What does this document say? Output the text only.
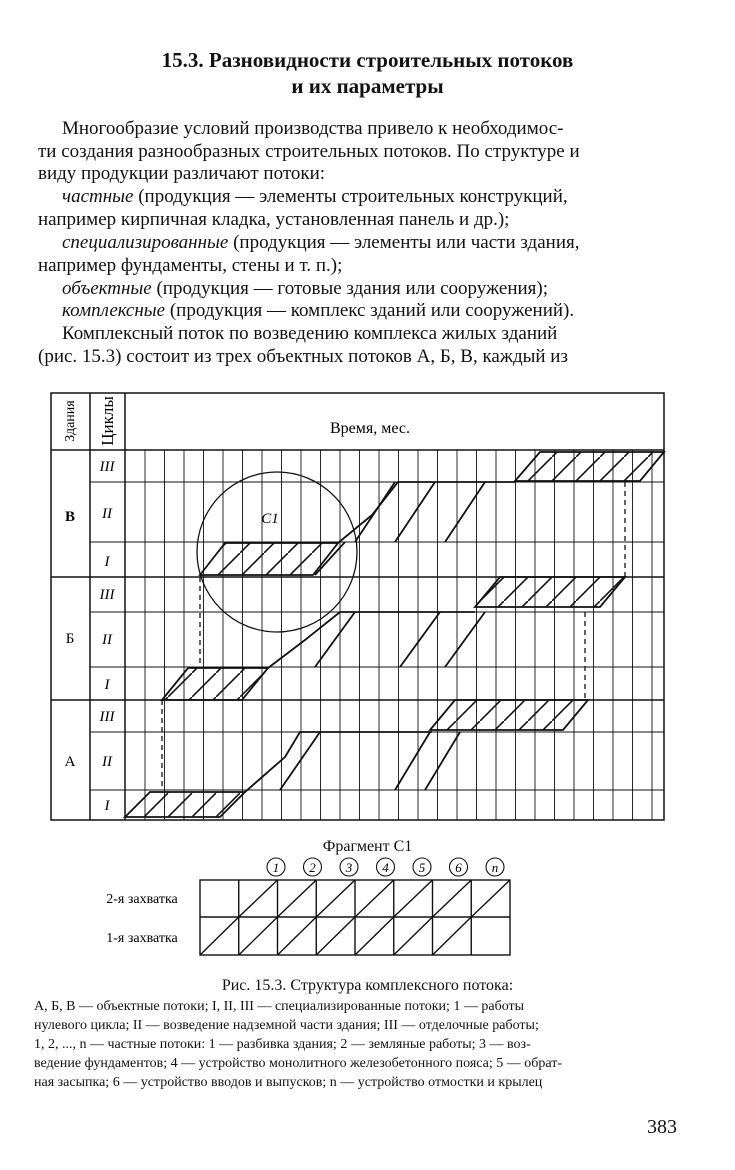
15.3. Разновидности строительных потоков
и их параметры
Многообразие условий производства привело к необходимос-
ти создания разнообразных строительных потоков. По структуре и
виду продукции различают потоки:
частные (продукция — элементы строительных конструкций,
например кирпичная кладка, установленная панель и др.);
специализированные (продукция — элементы или части здания,
например фундаменты, стены и т. п.);
объектные (продукция — готовые здания или сооружения);
комплексные (продукция — комплекс зданий или сооружений).
Комплексный поток по возведению комплекса жилых зданий
(рис. 15.3) состоит из трех объектных потоков А, Б, В, каждый из
Здания Циклы	Время, мес.
В
Б
А
III
II
I
III
II
I
III
II
I
C1
Фрагмент C1
1 2 3 4 5 6 n
2-я захватка
1-я захватка
Рис. 15.3. Структура комплексного потока:
А, Б, В — объектные потоки; I, II, III — специализированные потоки; 1 — работы
нулевого цикла; II — возведение надземной части здания; III — отделочные работы;
1, 2, ..., n — частные потоки: 1 — разбивка здания; 2 — земляные работы; 3 — воз-
ведение фундаментов; 4 — устройство монолитного железобетонного пояса; 5 — обрат-
ная засыпка; 6 — устройство вводов и выпусков; n — устройство отмостки и крылец
383
